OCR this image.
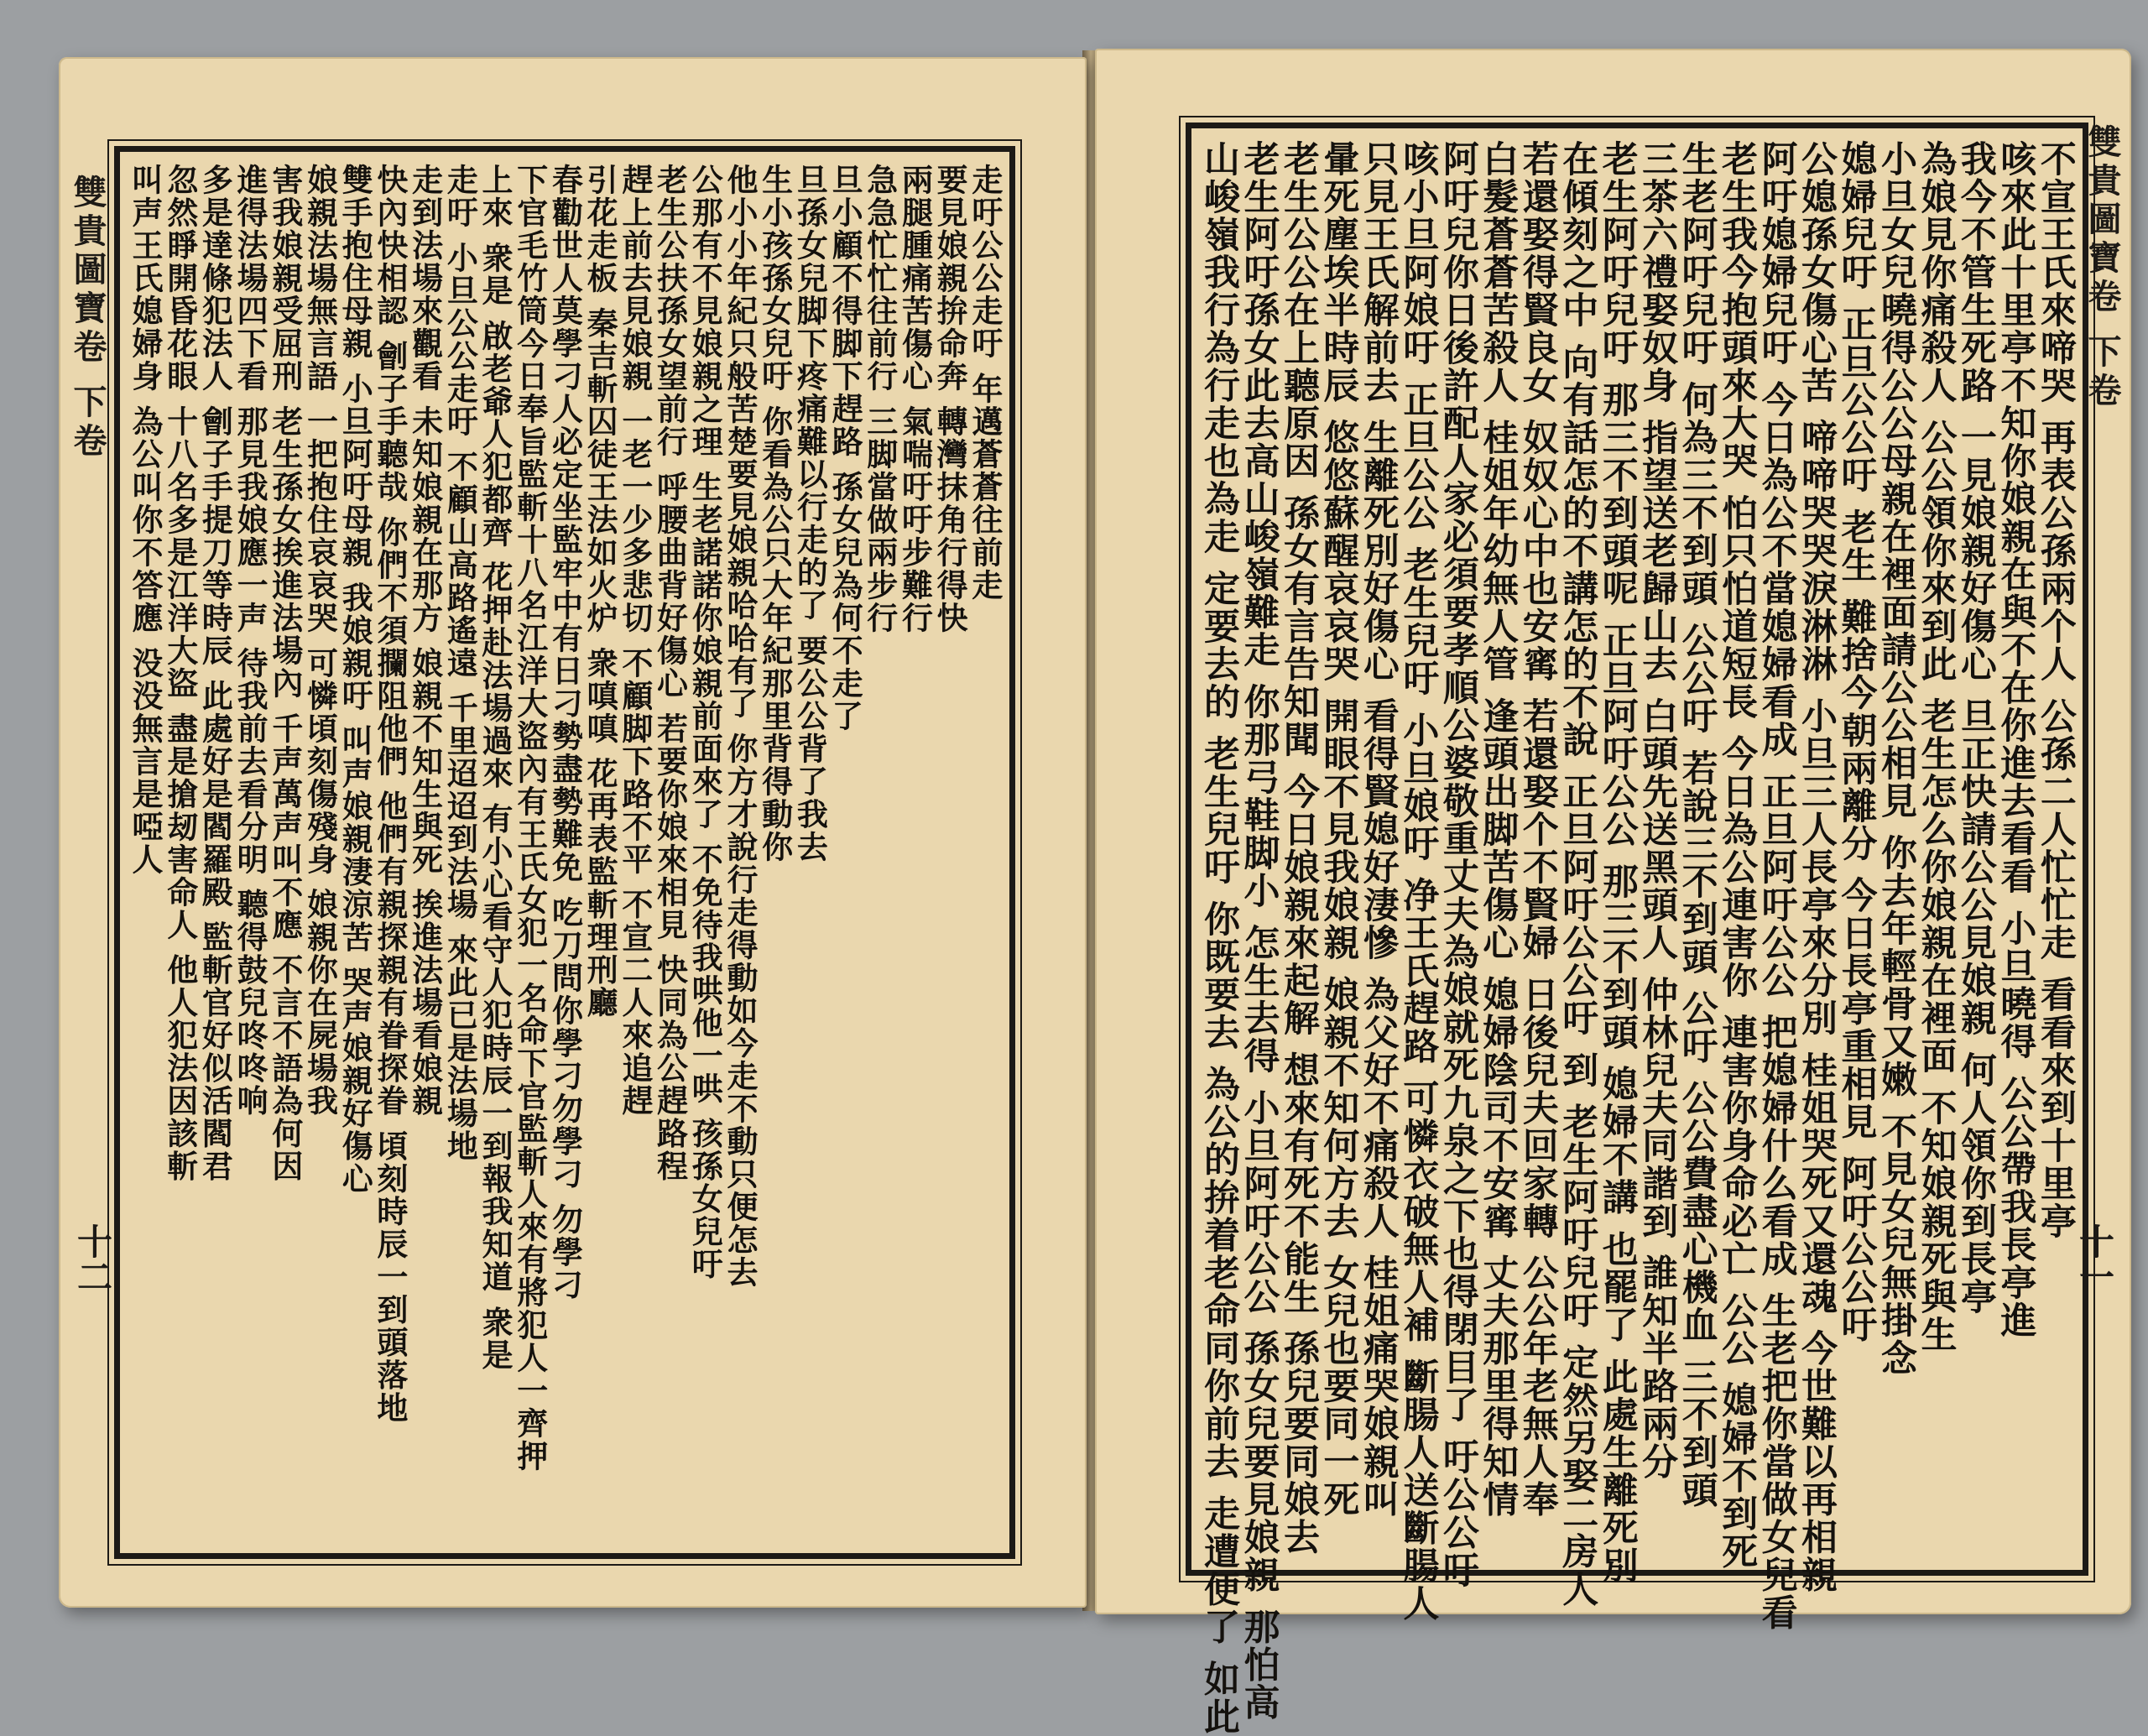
雙貴圖寶卷 下卷
十二
走吁公公走吁 年邁蒼蒼往前走
要見娘親拚命奔 轉灣抹角行得快
兩腿腫痛苦傷心 氣喘吁吁步難行
急急忙忙往前行 三脚當做兩步行
旦小顧不得脚下趕路 孫女兒為何不走了
旦孫女兒脚下疼痛難以行走的了 要公公背了我去
生小孩孫女兒吁 你看為公只大年紀那里背得動你
他小小年紀只般苦楚要見娘親哈哈有了 你方才說行走得動如今走不動只便怎去
公那有不見娘親之理 生老諾諾你娘親前面來了 不免待我哄他一哄 孩孫女兒吁
老生公扶孫女望前行 呼腰曲背好傷心 若要你娘來相見 快同為公趕路程
趕上前去見娘親 一老一少多悲切 不顧脚下路不平 不宣二人來追趕
引花走板 秦吉斬囚徒王法如火炉 衆嗔嗔 花再表監斬理刑廳
春勸世人莫學刁人必定坐監牢中有日刁勢盡勢難免 吃刀問你學刁勿學刁 勿學刁
下官毛竹筒今日奉旨監斬十八名江洋大盜內有王氏女犯一名命下官監斬人來有將犯人一齊押
上來 衆是 啟老爺人犯都齊 花押赴法場過來 有小心看守人犯時辰一到報我知道 衆是
走吁 小旦公公走吁 不顧山高路遙遠 千里迢迢到法場 來此已是法場地
走到法場來觀看 未知娘親在那方 娘親不知生與死 挨進法場看娘親
快內快相認 劊子手聽哉 你們不須攔阻他們 他們有親探親有眷探眷 頃刻時辰一到頭落地
雙手抱住母親 小旦阿吁母親 我娘親吁 叫声娘親淒涼苦 哭声娘親好傷心
娘親法場無言語 一把抱住哀哀哭 可憐頃刻傷殘身 娘親你在屍場我
害我娘親受屈刑 老生孫女挨進法場內 千声萬声叫不應 不言不語為何因
進得法場四下看 那見我娘應一声 待我前去看分明 聽得鼓兒咚咚响
多是達條犯法人 劊子手提刀等時辰 此處好是閻羅殿 監斬官好似活閻君
忽然睜開昏花眼 十八名多是江洋大盜 盡是搶刼害命人 他人犯法因該斬
叫声王氏媳婦身 為公叫你不答應 没没無言是啞人	雙貴圖寶卷 下卷
十一
不宣王氏來啼哭 再表公孫兩个人 公孫二人忙忙走 看看來到十里亭
咳來此十里亭不知你娘親在與不在你進去看看 小旦曉得 公公帶我長亭進
我今不管生死路 一見娘親好傷心 旦正快請公公見娘親 何人領你到長亭
為娘見你痛殺人 公公領你來到此 老生怎么你娘親在裡面 不知娘親死與生
小旦女兒曉得公公母親在裡面請公公相見 你去年輕骨又嫩 不見女兒無掛念
媳婦兒吁 正旦公公吁 老生 難捨今朝兩離分 今日長亭重相見 阿吁公公吁
公媳孫女傷心苦 啼啼哭哭淚淋淋 小旦三人長亭來分別 桂姐哭死又還魂 今世難以再相親
阿吁媳婦兒吁 今日為公不當媳婦看成 正旦阿吁公公 把媳婦什么看成 生老把你當做女兒看
老生我今抱頭來大哭 怕只怕道短長 今日為公連害你 連害你身命必亡 公公 媳婦不到死
生老阿吁兒吁 何為三不到頭 公公吁 若說三不到頭 公吁 公公費盡心機血 三不到頭
三茶六禮娶奴身 指望送老歸山去 白頭先送黑頭人 仲林兒夫同諧到 誰知半路兩分
老生阿吁兒吁 那三不到頭呢 正旦阿吁公公 那三不到頭 媳婦不講 也罷了 此處生離死別
在傾刻之中 向有話怎的不講怎的不說 正旦阿吁公公吁 到 老生阿吁兒吁 定然另娶二房人
若還娶得賢良女 奴奴心中也安寗 若還娶个不賢婦 日後兒夫回家轉 公公年老無人奉
白髮蒼蒼苦殺人 桂姐年幼無人管 逢頭出脚苦傷心 媳婦陰司不安寗 丈夫那里得知情
阿吁兒你日後許配人家必須要孝順公婆敬重丈夫為娘就死九泉之下也得閉目了 吁公公吁
咳小旦阿娘吁 正旦公公 老生兒吁 小旦娘吁 净王氏趕路 可憐衣破無人補 斷腸人送斷腸人
只見王氏解前去 生離死別好傷心 看得賢媳好淒慘 為父好不痛殺人 桂姐痛哭娘親叫
暈死塵埃半時辰 悠悠蘇醒哀哀哭 開眼不見我娘親 娘親不知何方去 女兒也要同一死
老生公公在上聽原因 孫女有言告知聞 今日娘親來起解 想來有死不能生 孫兒要同娘去
老生阿吁孫女此去高山峻嶺難走 你那弓鞋脚小 怎生去得 小旦阿吁公公 孫女兒要見娘親 那怕高
山峻嶺我行為行走也為走 定要去的 老生兒吁 你既要去 為公的拚着老命同你前去 走遭便了 如此
